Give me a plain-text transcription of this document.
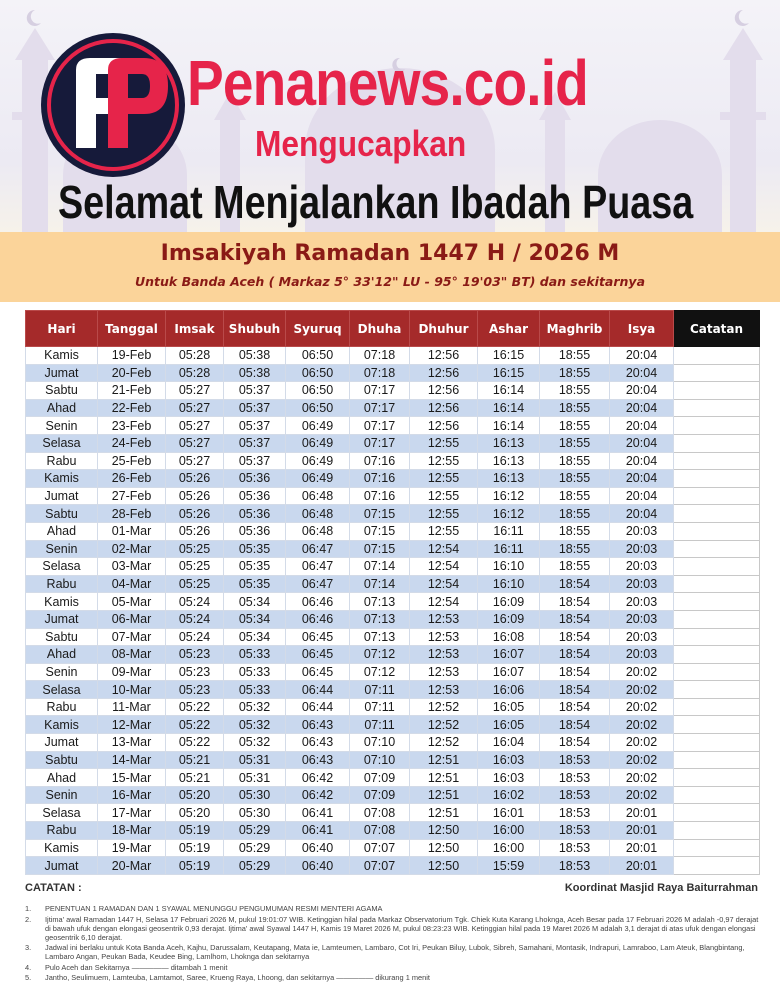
Penanews.co.id
Mengucapkan
Selamat Menjalankan Ibadah Puasa
Imsakiyah Ramadan 1447 H / 2026 M
Untuk Banda Aceh ( Markaz 5° 33'12" LU - 95° 19'03" BT) dan sekitarnya
Hari	Tanggal	Imsak	Shubuh	Syuruq	Dhuha	Dhuhur	Ashar	Maghrib	Isya	Catatan
Kamis	19-Feb	05:28	05:38	06:50	07:18	12:56	16:15	18:55	20:04	
Jumat	20-Feb	05:28	05:38	06:50	07:18	12:56	16:15	18:55	20:04	
Sabtu	21-Feb	05:27	05:37	06:50	07:17	12:56	16:14	18:55	20:04	
Ahad	22-Feb	05:27	05:37	06:50	07:17	12:56	16:14	18:55	20:04	
Senin	23-Feb	05:27	05:37	06:49	07:17	12:56	16:14	18:55	20:04	
Selasa	24-Feb	05:27	05:37	06:49	07:17	12:55	16:13	18:55	20:04	
Rabu	25-Feb	05:27	05:37	06:49	07:16	12:55	16:13	18:55	20:04	
Kamis	26-Feb	05:26	05:36	06:49	07:16	12:55	16:13	18:55	20:04	
Jumat	27-Feb	05:26	05:36	06:48	07:16	12:55	16:12	18:55	20:04	
Sabtu	28-Feb	05:26	05:36	06:48	07:15	12:55	16:12	18:55	20:04	
Ahad	01-Mar	05:26	05:36	06:48	07:15	12:55	16:11	18:55	20:03	
Senin	02-Mar	05:25	05:35	06:47	07:15	12:54	16:11	18:55	20:03	
Selasa	03-Mar	05:25	05:35	06:47	07:14	12:54	16:10	18:55	20:03	
Rabu	04-Mar	05:25	05:35	06:47	07:14	12:54	16:10	18:54	20:03	
Kamis	05-Mar	05:24	05:34	06:46	07:13	12:54	16:09	18:54	20:03	
Jumat	06-Mar	05:24	05:34	06:46	07:13	12:53	16:09	18:54	20:03	
Sabtu	07-Mar	05:24	05:34	06:45	07:13	12:53	16:08	18:54	20:03	
Ahad	08-Mar	05:23	05:33	06:45	07:12	12:53	16:07	18:54	20:03	
Senin	09-Mar	05:23	05:33	06:45	07:12	12:53	16:07	18:54	20:02	
Selasa	10-Mar	05:23	05:33	06:44	07:11	12:53	16:06	18:54	20:02	
Rabu	11-Mar	05:22	05:32	06:44	07:11	12:52	16:05	18:54	20:02	
Kamis	12-Mar	05:22	05:32	06:43	07:11	12:52	16:05	18:54	20:02	
Jumat	13-Mar	05:22	05:32	06:43	07:10	12:52	16:04	18:54	20:02	
Sabtu	14-Mar	05:21	05:31	06:43	07:10	12:51	16:03	18:53	20:02	
Ahad	15-Mar	05:21	05:31	06:42	07:09	12:51	16:03	18:53	20:02	
Senin	16-Mar	05:20	05:30	06:42	07:09	12:51	16:02	18:53	20:02	
Selasa	17-Mar	05:20	05:30	06:41	07:08	12:51	16:01	18:53	20:01	
Rabu	18-Mar	05:19	05:29	06:41	07:08	12:50	16:00	18:53	20:01	
Kamis	19-Mar	05:19	05:29	06:40	07:07	12:50	16:00	18:53	20:01	
Jumat	20-Mar	05:19	05:29	06:40	07:07	12:50	15:59	18:53	20:01	
CATATAN :	Koordinat Masjid Raya Baiturrahman
1.	PENENTUAN 1 RAMADAN DAN 1 SYAWAL MENUNGGU PENGUMUMAN RESMI MENTERI AGAMA
2.	Ijtima' awal Ramadan 1447 H, Selasa 17 Februari 2026 M, pukul 19:01:07 WIB. Ketinggian hilal pada Markaz Observatorium Tgk. Chiek Kuta Karang Lhoknga, Aceh Besar pada 17 Februari 2026 M adalah -0,97 derajat di bawah ufuk dengan elongasi geosentrik 0,93 derajat. Ijtima' awal Syawal 1447 H, Kamis 19 Maret 2026 M, pukul 08:23:23 WIB. Ketinggian hilal pada 19 Maret 2026 M adalah 3,1 derajat di atas ufuk dengan elongasi geosentrik 6,10 derajat.
3.	Jadwal ini berlaku untuk Kota Banda Aceh, Kajhu, Darussalam, Keutapang, Mata ie, Lamteumen, Lambaro, Cot Iri, Peukan Biluy, Lubok, Sibreh, Samahani, Montasik, Indrapuri, Lamraboo, Lam Ateuk, Blangbintang, Lambaro Angan, Peukan Bada, Keudee Bing, Lamlhom, Lhoknga dan sekitarnya
4.	Pulo Aceh dan Sekitarnya ————— ditambah 1 menit
5.	Jantho, Seulimuem, Lamteuba, Lamtamot, Saree, Krueng Raya, Lhoong, dan sekitarnya ————— dikurang 1 menit
